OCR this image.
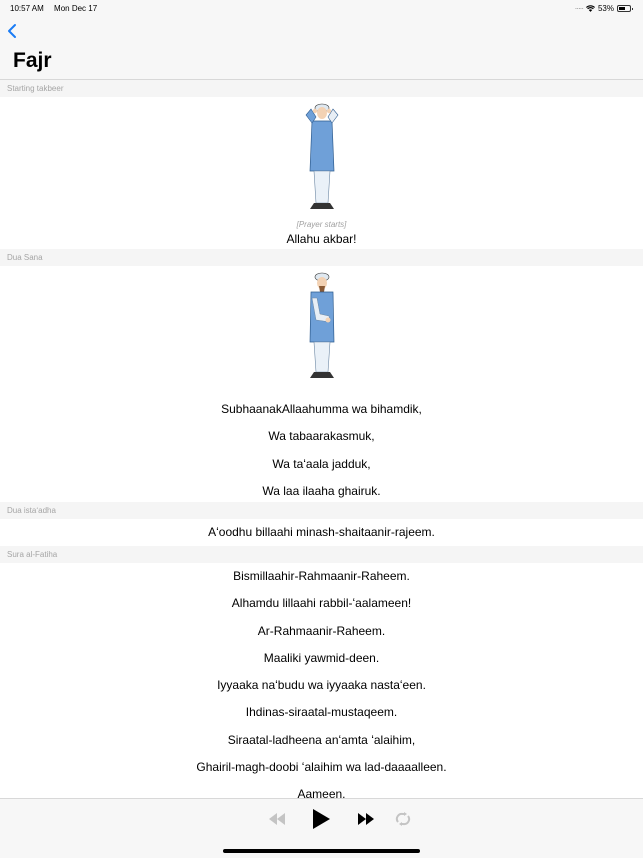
10:57 AM Mon Dec 17	····· 53%
Fajr
Starting takbeer
[Prayer starts]
Allahu akbar!
Dua Sana
SubhaanakAllaahumma wa bihamdik,
Wa tabaarakasmuk,
Wa taʻaala jadduk,
Wa laa ilaaha ghairuk.
Dua istaʻadha
Aʻoodhu billaahi minash-shaitaanir-rajeem.
Sura al-Fatiha
Bismillaahir-Rahmaanir-Raheem.
Alhamdu lillaahi rabbil-ʻaalameen!
Ar-Rahmaanir-Raheem.
Maaliki yawmid-deen.
Iyyaaka naʻbudu wa iyyaaka nastaʻeen.
Ihdinas-siraatal-mustaqeem.
Siraatal-ladheena anʻamta ʻalaihim,
Ghairil-magh-doobi ʻalaihim wa lad-daaaalleen.
Aameen.
